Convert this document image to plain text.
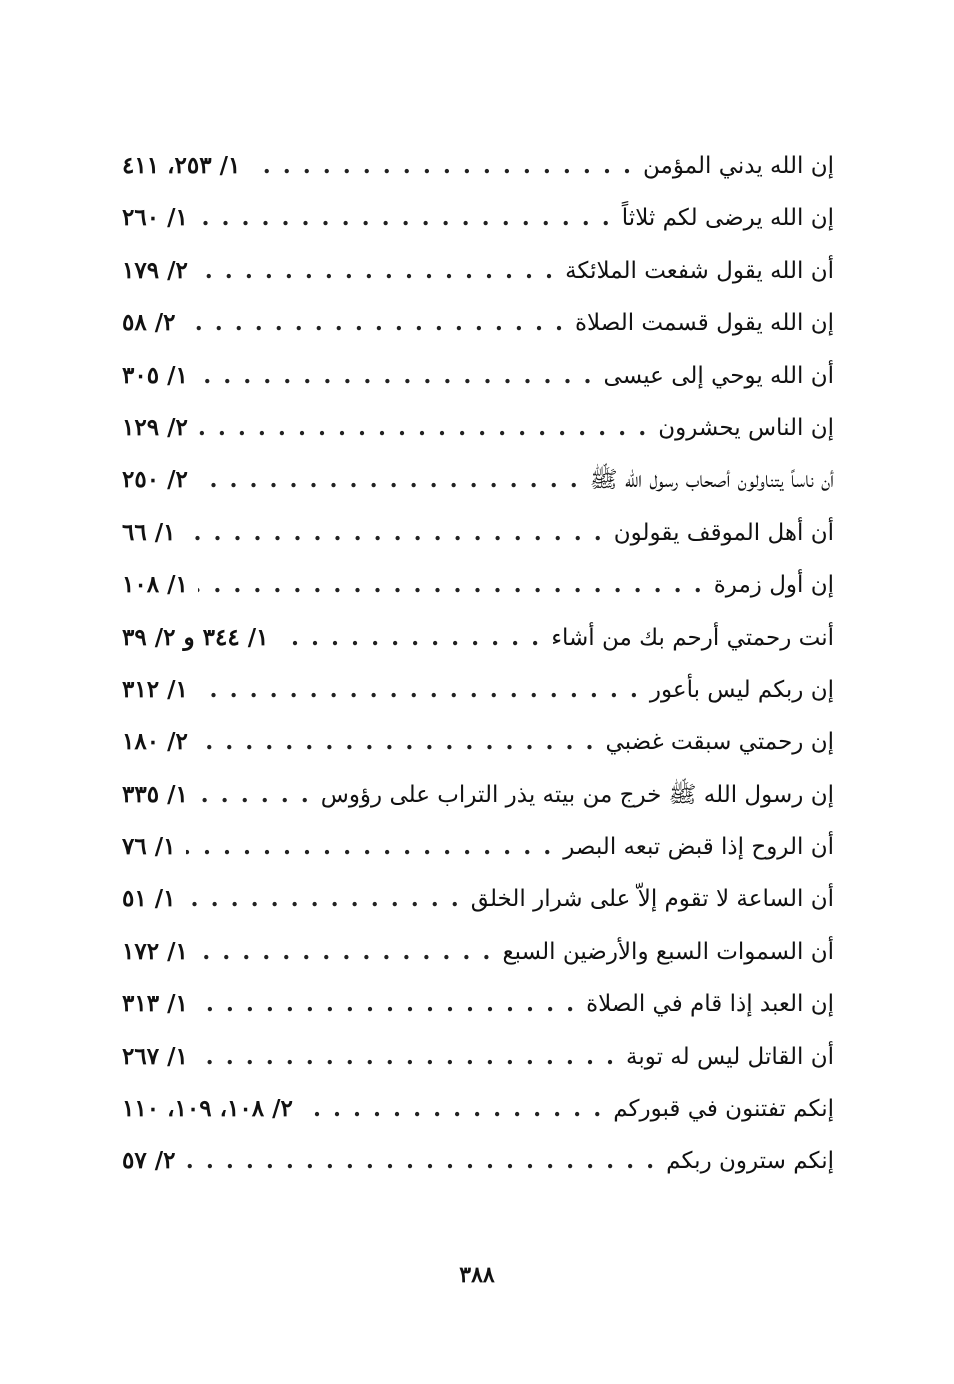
إن الله يدني المؤمن
. . .
١/ ٢٥٣، ٤١١
إن الله يرضى لكم ثلاثاً
. . .
١/ ٢٦٠
أن الله يقول شفعت الملائكة
. . .
٢/ ١٧٩
إن الله يقول قسمت الصلاة
. . .
٢/ ٥٨
أن الله يوحي إلى عيسى
. . .
١/ ٣٠٥
إن الناس يحشرون
. . .
٢/ ١٢٩
أن ناساً يتناولون أصحاب رسول الله ﷺ
. . .
٢/ ٢٥٠
أن أهل الموقف يقولون
. . .
١/ ٦٦
إن أول زمرة
. . .
١/ ١٠٨
أنت رحمتي أرحم بك من أشاء
. . .
١/ ٣٤٤ و ٢/ ٣٩
إن ربكم ليس بأعور
. . .
١/ ٣١٢
إن رحمتي سبقت غضبي
. . .
٢/ ١٨٠
إن رسول الله ﷺ خرج من بيته يذر التراب على رؤوس
. . .
١/ ٣٣٥
أن الروح إذا قبض تبعه البصر
. . .
١/ ٧٦
أن الساعة لا تقوم إلاّ على شرار الخلق
. . .
١/ ٥١
أن السموات السبع والأرضين السبع
. . .
١/ ١٧٢
إن العبد إذا قام في الصلاة
. . .
١/ ٣١٣
أن القاتل ليس له توبة
. . .
١/ ٢٦٧
إنكم تفتنون في قبوركم
. . .
٢/ ١٠٨، ١٠٩، ١١٠
إنكم سترون ربكم
. . .
٢/ ٥٧
٣٨٨
